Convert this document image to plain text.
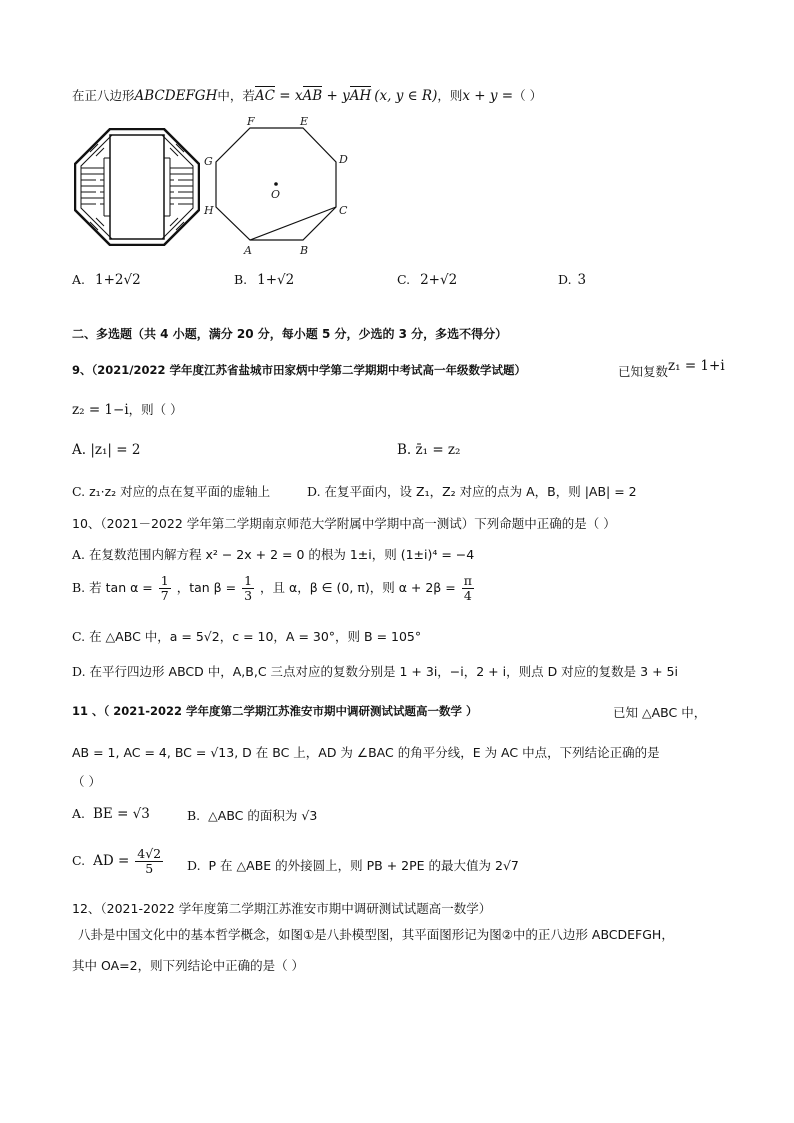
在正八边形ABCDEFGH中，若AC = xAB + yAH (x, y ∈ R)，则x + y =（ ）
A	B
C
D
E
F
G
H
O
A. 1+2√2	B. 1+√2	C. 2+√2	D. 3
二、多选题（共 4 小题，满分 20 分，每小题 5 分，少选的 3 分，多选不得分）
9、（2021/2022 学年度江苏省盐城市田家炳中学第二学期期中考试高一年级数学试题）	已知复数 z₁ = 1+i
z₂ = 1−i，则（ ）
A. |z₁| = 2	B. z̄₁ = z₂
C. z₁·z₂ 对应的点在复平面的虚轴上	D. 在复平面内，设 Z₁，Z₂ 对应的点为 A，B，则 |AB| = 2
10、（2021－2022 学年第二学期南京师范大学附属中学期中高一测试）下列命题中正确的是（ ）
A. 在复数范围内解方程 x² − 2x + 2 = 0 的根为 1±i，则 (1±i)⁴ = −4
B. 若 $\tan \alpha = \frac{1}{7}$ ，$\tan \beta = \frac{1}{3}$ ，且 α，β ∈ (0, π)，则 $\alpha + 2\beta = \frac{\pi}{4}$
C. 在 △ABC 中，a = 5√2，c = 10，A = 30°，则 B = 105°
D. 在平行四边形 ABCD 中，A,B,C 三点对应的复数分别是 1 + 3i，−i，2 + i，则点 D 对应的复数是 3 + 5i
11 、（ 2021-2022 学年度第二学期江苏淮安市期中调研测试试题高一数学 ）	已知 △ABC 中，
AB = 1, AC = 4, BC = √13, D 在 BC 上，AD 为 ∠BAC 的角平分线，E 为 AC 中点，下列结论正确的是
（ ）
A. BE = √3	B. △ABC 的面积为 √3
C. AD = $\frac{4√2}{5} D$. P 在 △ABE 的外接圆上，则 PB + 2PE 的最大值为 2√7
12、（2021-2022 学年度第二学期江苏淮安市期中调研测试试题高一数学）
八卦是中国文化中的基本哲学概念，如图①是八卦模型图，其平面图形记为图②中的正八边形 ABCDEFGH，
其中 OA=2，则下列结论中正确的是（ ）
